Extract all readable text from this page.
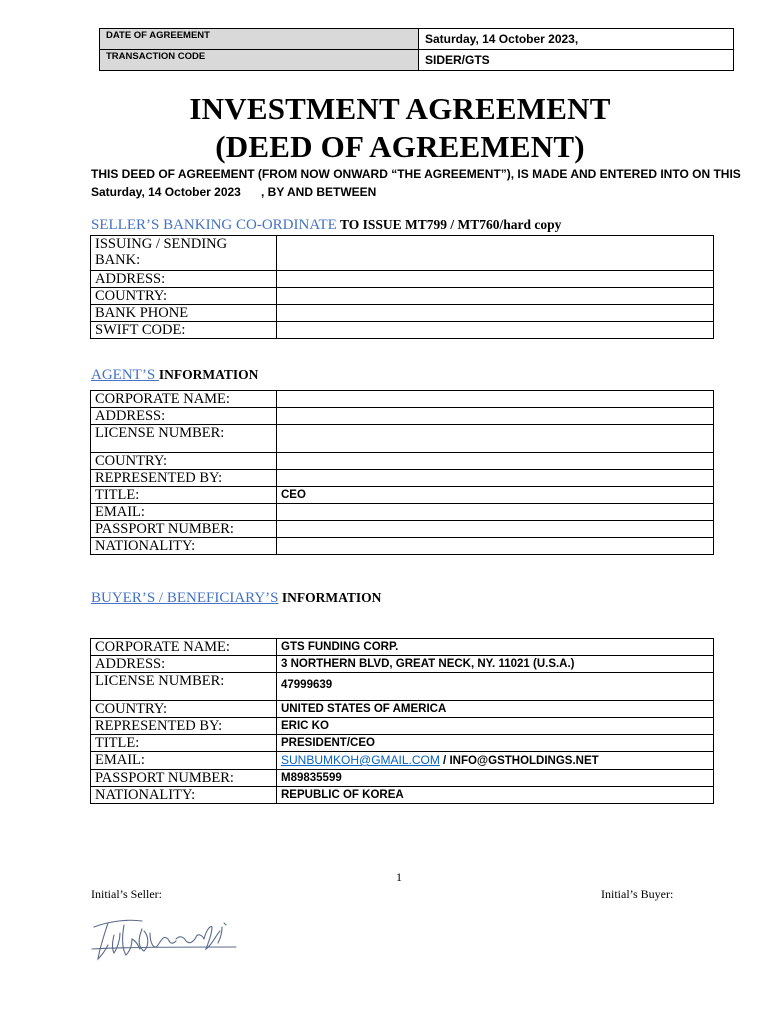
DATE OF AGREEMENT	Saturday, 14 October 2023,
TRANSACTION CODE	SIDER/GTS
INVESTMENT AGREEMENT
(DEED OF AGREEMENT)
THIS DEED OF AGREEMENT (FROM NOW ONWARD “THE AGREEMENT”), IS MADE AND ENTERED INTO ON THIS
Saturday, 14 October 2023 , BY AND BETWEEN
SELLER’S BANKING CO-ORDINATE TO ISSUE MT799 / MT760/hard copy
ISSUING / SENDING BANK:	
ADDRESS:	
COUNTRY:	
BANK PHONE	
SWIFT CODE:	
AGENT’S INFORMATION
CORPORATE NAME:	
ADDRESS:	
LICENSE NUMBER:	
COUNTRY:	
REPRESENTED BY:	
TITLE:	CEO
EMAIL:	
PASSPORT NUMBER:	
NATIONALITY:	
BUYER’S / BENEFICIARY’S INFORMATION
CORPORATE NAME:	GTS FUNDING CORP.
ADDRESS:	3 NORTHERN BLVD, GREAT NECK, NY. 11021 (U.S.A.)
LICENSE NUMBER:	47999639
COUNTRY:	UNITED STATES OF AMERICA
REPRESENTED BY:	ERIC KO
TITLE:	PRESIDENT/CEO
EMAIL:	SUNBUMKOH@GMAIL.COM / INFO@GSTHOLDINGS.NET
PASSPORT NUMBER:	M89835599
NATIONALITY:	REPUBLIC OF KOREA
1
Initial’s Seller:	Initial’s Buyer:
